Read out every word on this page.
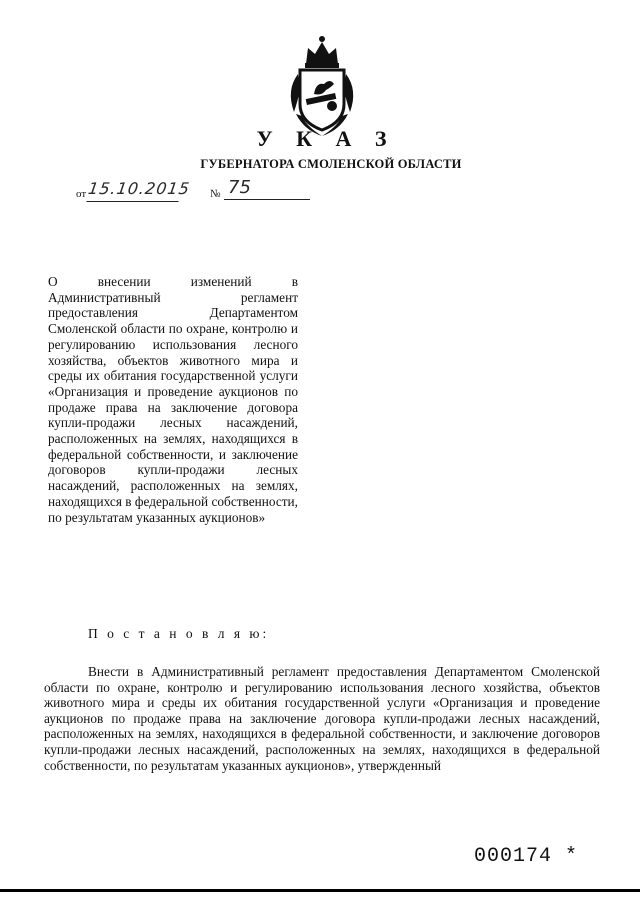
У К А З
ГУБЕРНАТОРА СМОЛЕНСКОЙ ОБЛАСТИ
от 15.10.2015 № 75
О внесении изменений в Административный регламент предоставления Департаментом Смоленской области по охране, контролю и регулированию использования лесного хозяйства, объектов животного мира и среды их обитания государственной услуги «Организация и проведение аукционов по продаже права на заключение договора купли-продажи лесных насаждений, расположенных на землях, находящихся в федеральной собственности, и заключение договоров купли-продажи лесных насаждений, расположенных на землях, находящихся в федеральной собственности, по результатам указанных аукционов»
П о с т а н о в л я ю:
Внести в Административный регламент предоставления Департаментом Смоленской области по охране, контролю и регулированию использования лесного хозяйства, объектов животного мира и среды их обитания государственной услуги «Организация и проведение аукционов по продаже права на заключение договора купли-продажи лесных насаждений, расположенных на землях, находящихся в федеральной собственности, и заключение договоров купли-продажи лесных насаждений, расположенных на землях, находящихся в федеральной собственности, по результатам указанных аукционов», утвержденный
000174 *
